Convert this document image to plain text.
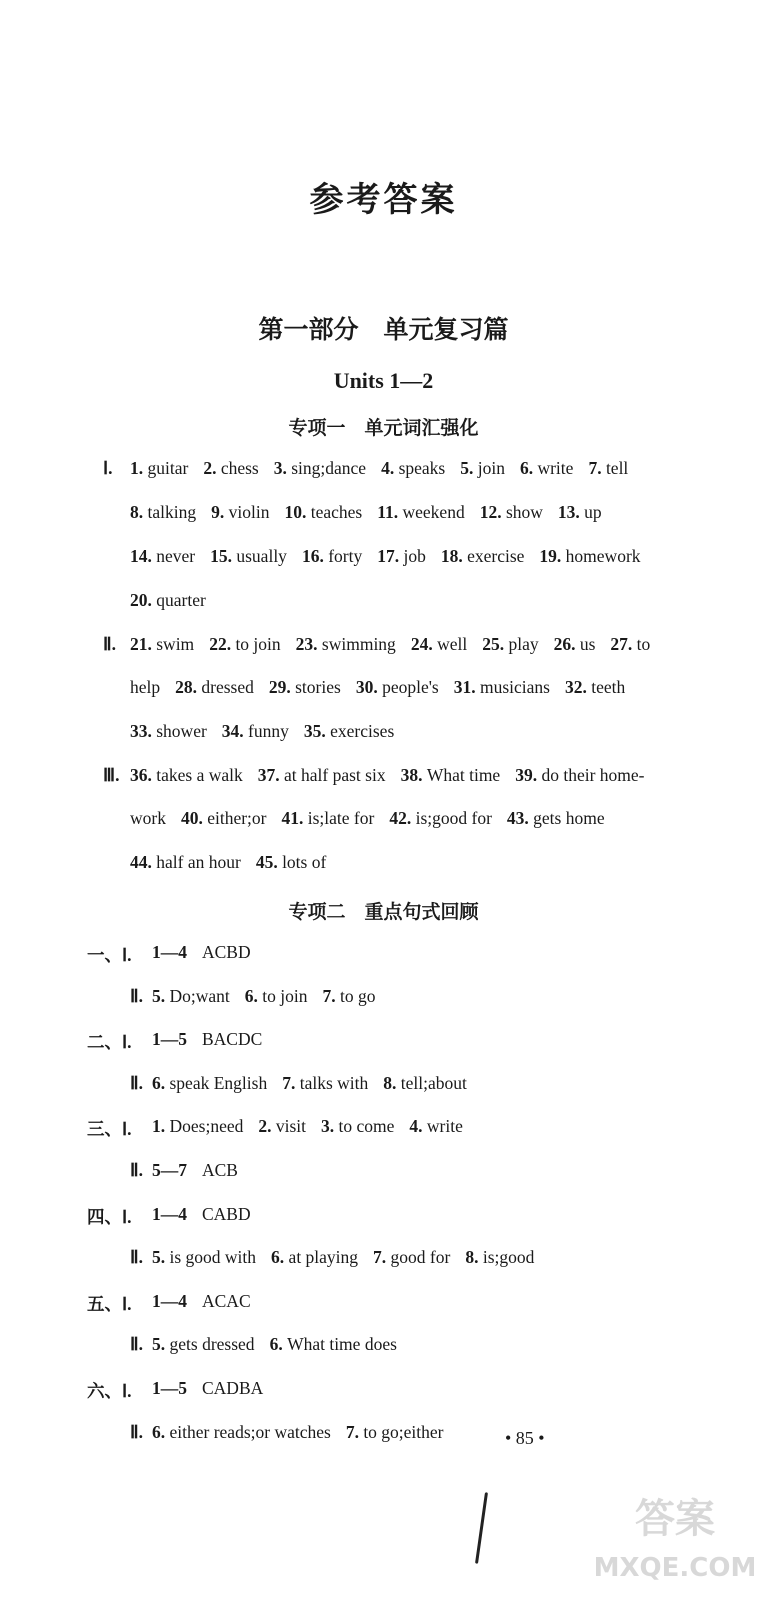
参考答案
第一部分　单元复习篇
Units 1—2
专项一　单元词汇强化
Ⅰ. 1. guitar 2. chess 3. sing;dance 4. speaks 5. join 6. write 7. tell
8. talking 9. violin 10. teaches 11. weekend 12. show 13. up
14. never 15. usually 16. forty 17. job 18. exercise 19. homework
20. quarter
Ⅱ. 21. swim 22. to join 23. swimming 24. well 25. play 26. us 27. to
help 28. dressed 29. stories 30. people's 31. musicians 32. teeth
33. shower 34. funny 35. exercises
Ⅲ. 36. takes a walk 37. at half past six 38. What time 39. do their home-
work 40. either;or 41. is;late for 42. is;good for 43. gets home
44. half an hour 45. lots of
专项二　重点句式回顾
一、Ⅰ. 1—4 ACBD
Ⅱ. 5. Do;want 6. to join 7. to go
二、Ⅰ. 1—5 BACDC
Ⅱ. 6. speak English 7. talks with 8. tell;about
三、Ⅰ. 1. Does;need 2. visit 3. to come 4. write
Ⅱ. 5—7 ACB
四、Ⅰ. 1—4 CABD
Ⅱ. 5. is good with 6. at playing 7. good for 8. is;good
五、Ⅰ. 1—4 ACAC
Ⅱ. 5. gets dressed 6. What time does
六、Ⅰ. 1—5 CADBA
Ⅱ. 6. either reads;or watches 7. to go;either	• 85 •
答案
MXQE.COM
